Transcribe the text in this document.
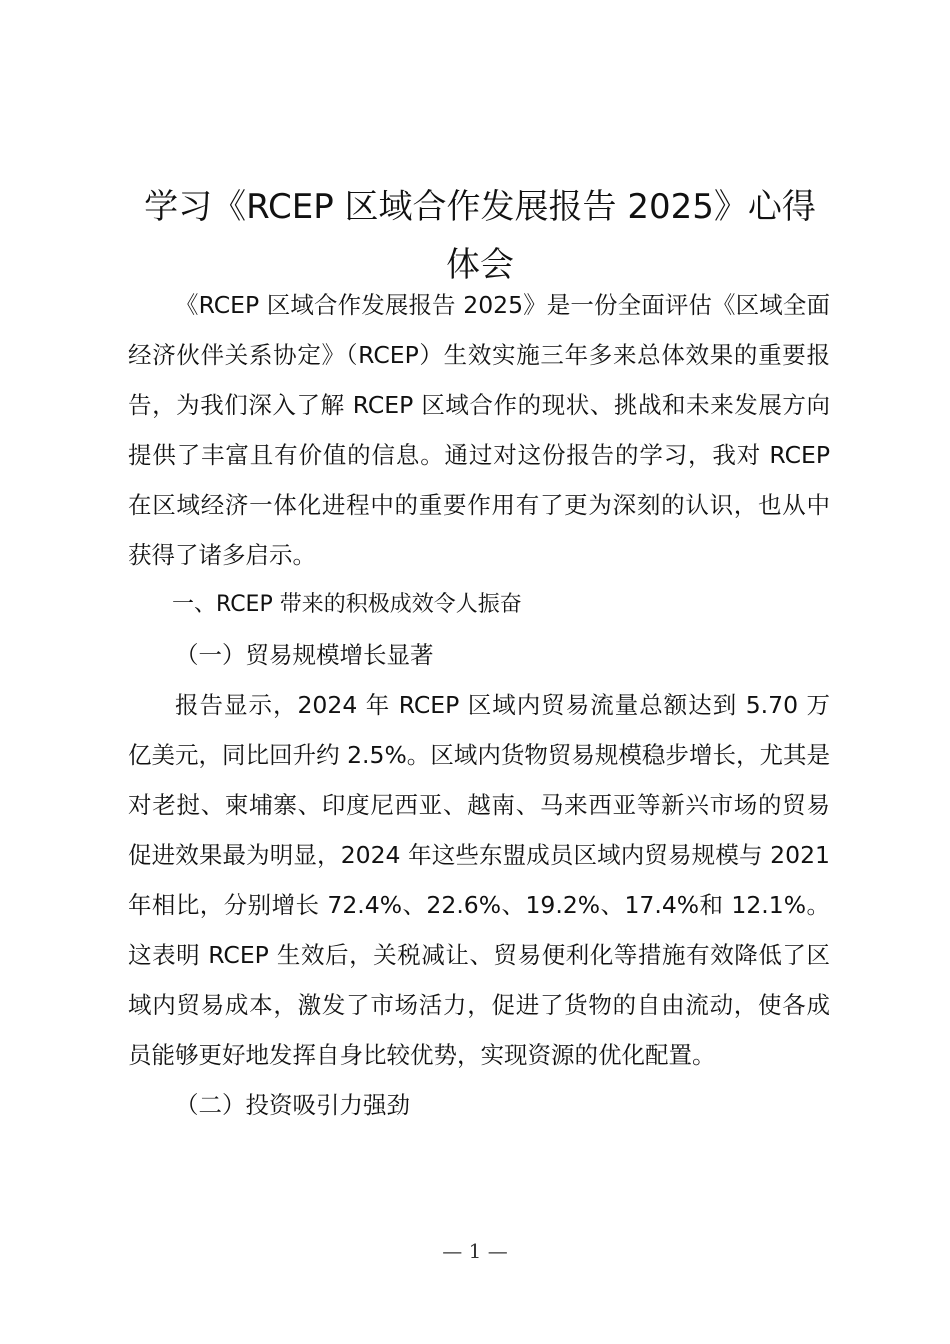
学习《RCEP 区域合作发展报告 2025》心得
体会

《RCEP 区域合作发展报告 2025》是一份全面评估《区域全面经济伙伴关系协定》（RCEP）生效实施三年多来总体效果的重要报告，为我们深入了解 RCEP 区域合作的现状、挑战和未来发展方向提供了丰富且有价值的信息。通过对这份报告的学习，我对 RCEP 在区域经济一体化进程中的重要作用有了更为深刻的认识，也从中获得了诸多启示。

一、RCEP 带来的积极成效令人振奋

（一）贸易规模增长显著

报告显示，2024 年 RCEP 区域内贸易流量总额达到 5.70 万亿美元，同比回升约 2.5%。区域内货物贸易规模稳步增长，尤其是对老挝、柬埔寨、印度尼西亚、越南、马来西亚等新兴市场的贸易促进效果最为明显，2024 年这些东盟成员区域内贸易规模与 2021 年相比，分别增长 72.4%、22.6%、19.2%、17.4%和 12.1%。这表明 RCEP 生效后，关税减让、贸易便利化等措施有效降低了区域内贸易成本，激发了市场活力，促进了货物的自由流动，使各成员能够更好地发挥自身比较优势，实现资源的优化配置。

（二）投资吸引力强劲

— 1 —
